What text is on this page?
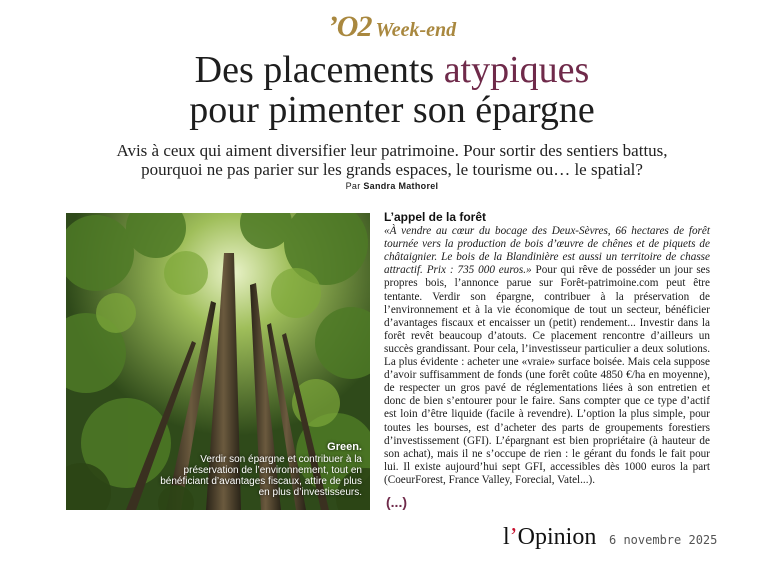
’O2 Week-end
Des placements atypiques
pour pimenter son épargne
Avis à ceux qui aiment diversifier leur patrimoine. Pour sortir des sentiers battus,
pourquoi ne pas parier sur les grands espaces, le tourisme ou… le spatial?
Par Sandra Mathorel
Green.
Verdir son épargne et contribuer à la préservation de l’environnement, tout en bénéficiant d’avantages fiscaux, attire de plus en plus d’investisseurs.
L’appel de la forêt

«À vendre au cœur du bocage des Deux-Sèvres, 66 hectares de forêt tournée vers la production de bois d’œuvre de chênes et de piquets de châtaignier. Le bois de la Blandinière est aussi un territoire de chasse attractif. Prix : 735 000 euros.» Pour qui rêve de posséder un jour ses propres bois, l’annonce parue sur Forêt-patrimoine.com peut être tentante. Verdir son épargne, contribuer à la préservation de l’environnement et à la vie économique de tout un secteur, bénéficier d’avantages fiscaux et encaisser un (petit) rendement... Investir dans la forêt revêt beaucoup d’atouts. Ce placement rencontre d’ailleurs un succès grandissant. Pour cela, l’investisseur particulier a deux solutions. La plus évidente : acheter une «vraie» surface boisée. Mais cela suppose d’avoir suffisamment de fonds (une forêt coûte 4850 €/ha en moyenne), de respecter un gros pavé de réglementations liées à son entretien et donc de bien s’entourer pour le faire. Sans compter que ce type d’actif est loin d’être liquide (facile à revendre). L’option la plus simple, pour toutes les bourses, est d’acheter des parts de groupements forestiers d’investissement (GFI). L’épargnant est bien propriétaire (à hauteur de son achat), mais il ne s’occupe de rien : le gérant du fonds le fait pour lui. Il existe aujourd’hui sept GFI, accessibles dès 1000 euros la part (CoeurForest, France Valley, Forecial, Vatel...).

(...)
l’Opinion 6 novembre 2025
